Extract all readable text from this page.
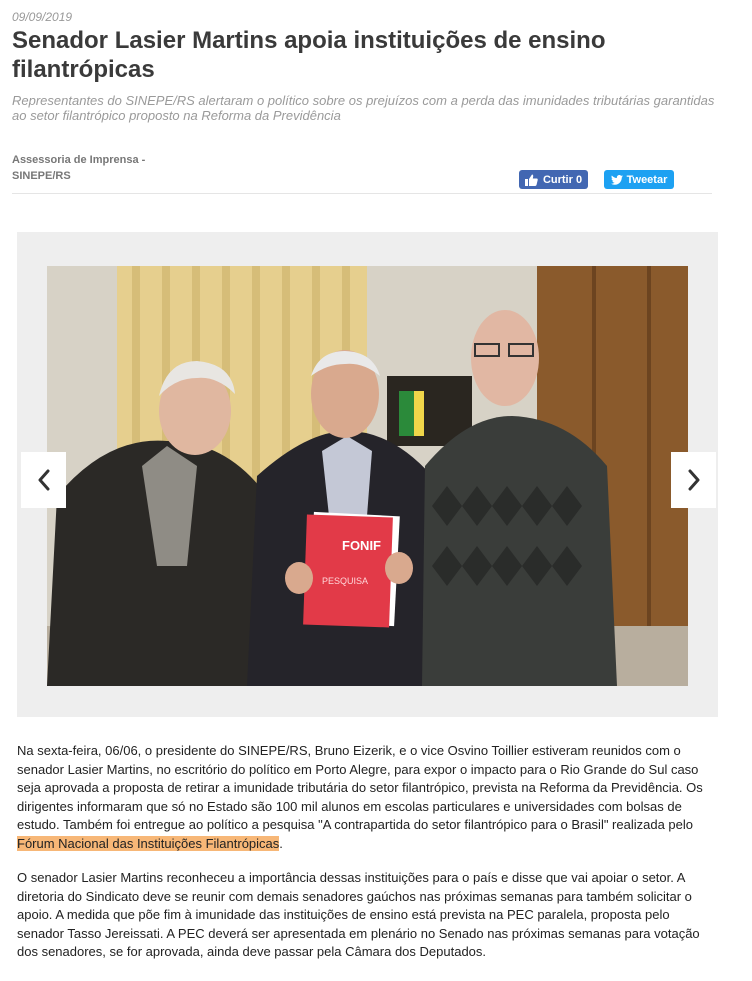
09/09/2019
Senador Lasier Martins apoia instituições de ensino filantrópicas

Representantes do SINEPE/RS alertaram o político sobre os prejuízos com a perda das imunidades tributárias garantidas ao setor filantrópico proposto na Reforma da Previdência

Assessoria de Imprensa -
SINEPE/RS	Curtir 0	Tweetar
FONIF
PESQUISA

Na sexta-feira, 06/06, o presidente do SINEPE/RS, Bruno Eizerik, e o vice Osvino Toillier estiveram reunidos com o senador Lasier Martins, no escritório do político em Porto Alegre, para expor o impacto para o Rio Grande do Sul caso seja aprovada a proposta de retirar a imunidade tributária do setor filantrópico, prevista na Reforma da Previdência. Os dirigentes informaram que só no Estado são 100 mil alunos em escolas particulares e universidades com bolsas de estudo. Também foi entregue ao político a pesquisa "A contrapartida do setor filantrópico para o Brasil" realizada pelo Fórum Nacional das Instituições Filantrópicas.

O senador Lasier Martins reconheceu a importância dessas instituições para o país e disse que vai apoiar o setor. A diretoria do Sindicato deve se reunir com demais senadores gaúchos nas próximas semanas para também solicitar o apoio. A medida que põe fim à imunidade das instituições de ensino está prevista na PEC paralela, proposta pelo senador Tasso Jereissati. A PEC deverá ser apresentada em plenário no Senado nas próximas semanas para votação dos senadores, se for aprovada, ainda deve passar pela Câmara dos Deputados.
